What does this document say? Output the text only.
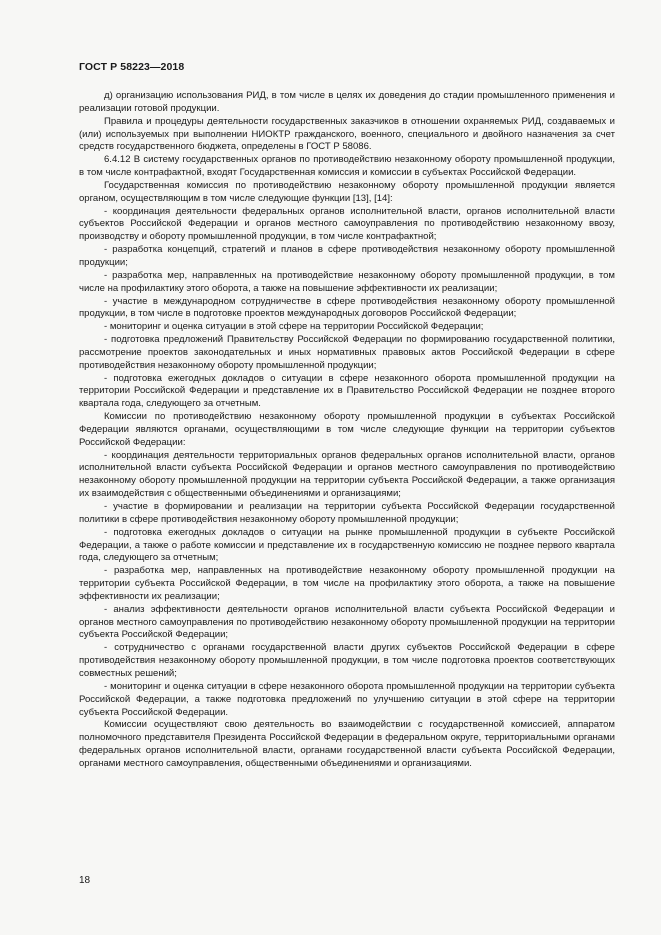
ГОСТ Р 58223—2018

д) организацию использования РИД, в том числе в целях их доведения до стадии промышленного применения и реализации готовой продукции.

Правила и процедуры деятельности государственных заказчиков в отношении охраняемых РИД, создаваемых и (или) используемых при выполнении НИОКТР гражданского, военного, специального и двойного назначения за счет средств государственного бюджета, определены в ГОСТ Р 58086.

6.4.12 В систему государственных органов по противодействию незаконному обороту промышленной продукции, в том числе контрафактной, входят Государственная комиссия и комиссии в субъектах Российской Федерации.

Государственная комиссия по противодействию незаконному обороту промышленной продукции является органом, осуществляющим в том числе следующие функции [13], [14]:

- координация деятельности федеральных органов исполнительной власти, органов исполнительной власти субъектов Российской Федерации и органов местного самоуправления по противодействию незаконному ввозу, производству и обороту промышленной продукции, в том числе контрафактной;

- разработка концепций, стратегий и планов в сфере противодействия незаконному обороту промышленной продукции;

- разработка мер, направленных на противодействие незаконному обороту промышленной продукции, в том числе на профилактику этого оборота, а также на повышение эффективности их реализации;

- участие в международном сотрудничестве в сфере противодействия незаконному обороту промышленной продукции, в том числе в подготовке проектов международных договоров Российской Федерации;

- мониторинг и оценка ситуации в этой сфере на территории Российской Федерации;

- подготовка предложений Правительству Российской Федерации по формированию государственной политики, рассмотрение проектов законодательных и иных нормативных правовых актов Российской Федерации в сфере противодействия незаконному обороту промышленной продукции;

- подготовка ежегодных докладов о ситуации в сфере незаконного оборота промышленной продукции на территории Российской Федерации и представление их в Правительство Российской Федерации не позднее второго квартала года, следующего за отчетным.

Комиссии по противодействию незаконному обороту промышленной продукции в субъектах Российской Федерации являются органами, осуществляющими в том числе следующие функции на территории субъектов Российской Федерации:

- координация деятельности территориальных органов федеральных органов исполнительной власти, органов исполнительной власти субъекта Российской Федерации и органов местного самоуправления по противодействию незаконному обороту промышленной продукции на территории субъекта Российской Федерации, а также организация их взаимодействия с общественными объединениями и организациями;

- участие в формировании и реализации на территории субъекта Российской Федерации государственной политики в сфере противодействия незаконному обороту промышленной продукции;

- подготовка ежегодных докладов о ситуации на рынке промышленной продукции в субъекте Российской Федерации, а также о работе комиссии и представление их в государственную комиссию не позднее первого квартала года, следующего за отчетным;

- разработка мер, направленных на противодействие незаконному обороту промышленной продукции на территории субъекта Российской Федерации, в том числе на профилактику этого оборота, а также на повышение эффективности их реализации;

- анализ эффективности деятельности органов исполнительной власти субъекта Российской Федерации и органов местного самоуправления по противодействию незаконному обороту промышленной продукции на территории субъекта Российской Федерации;

- сотрудничество с органами государственной власти других субъектов Российской Федерации в сфере противодействия незаконному обороту промышленной продукции, в том числе подготовка проектов соответствующих совместных решений;

- мониторинг и оценка ситуации в сфере незаконного оборота промышленной продукции на территории субъекта Российской Федерации, а также подготовка предложений по улучшению ситуации в этой сфере на территории субъекта Российской Федерации.

Комиссии осуществляют свою деятельность во взаимодействии с государственной комиссией, аппаратом полномочного представителя Президента Российской Федерации в федеральном округе, территориальными органами федеральных органов исполнительной власти, органами государственной власти субъекта Российской Федерации, органами местного самоуправления, общественными объединениями и организациями.

18
